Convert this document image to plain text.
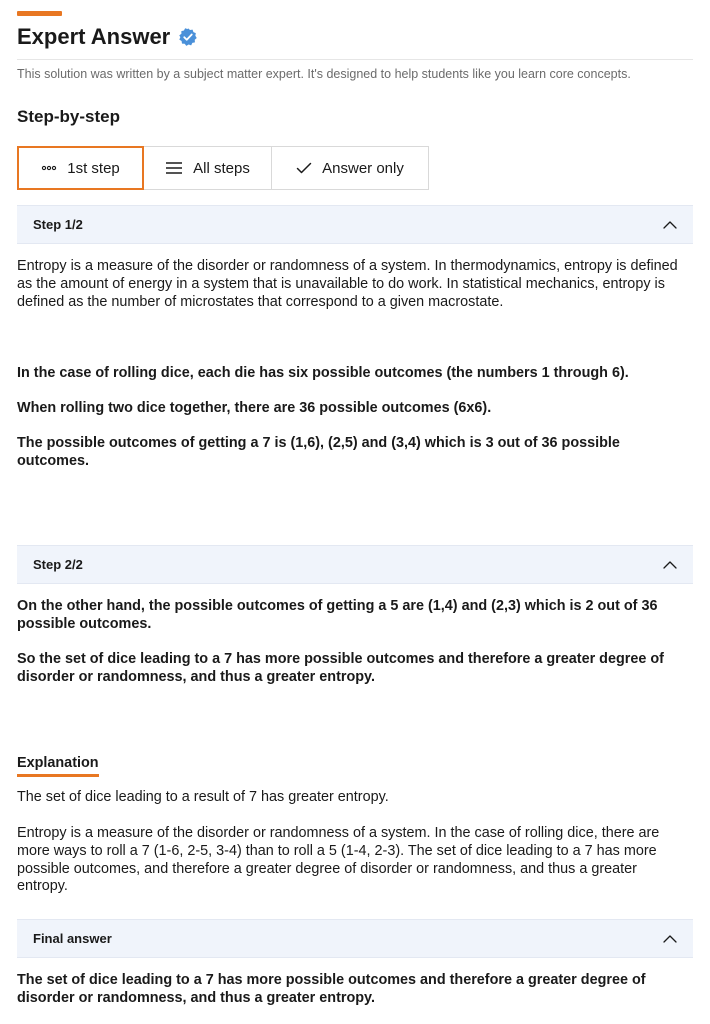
Expert Answer

This solution was written by a subject matter expert. It's designed to help students like you learn core concepts.

Step-by-step
1st step	All steps	Answer only
Step 1/2

Entropy is a measure of the disorder or randomness of a system. In thermodynamics, entropy is defined as the amount of energy in a system that is unavailable to do work. In statistical mechanics, entropy is defined as the number of microstates that correspond to a given macrostate.

In the case of rolling dice, each die has six possible outcomes (the numbers 1 through 6).

When rolling two dice together, there are 36 possible outcomes (6x6).

The possible outcomes of getting a 7 is (1,6), (2,5) and (3,4) which is 3 out of 36 possible outcomes.

Step 2/2

On the other hand, the possible outcomes of getting a 5 are (1,4) and (2,3) which is 2 out of 36 possible outcomes.

So the set of dice leading to a 7 has more possible outcomes and therefore a greater degree of disorder or randomness, and thus a greater entropy.

Explanation

The set of dice leading to a result of 7 has greater entropy.

Entropy is a measure of the disorder or randomness of a system. In the case of rolling dice, there are more ways to roll a 7 (1-6, 2-5, 3-4) than to roll a 5 (1-4, 2-3). The set of dice leading to a 7 has more possible outcomes, and therefore a greater degree of disorder or randomness, and thus a greater entropy.

Final answer

The set of dice leading to a 7 has more possible outcomes and therefore a greater degree of disorder or randomness, and thus a greater entropy.
